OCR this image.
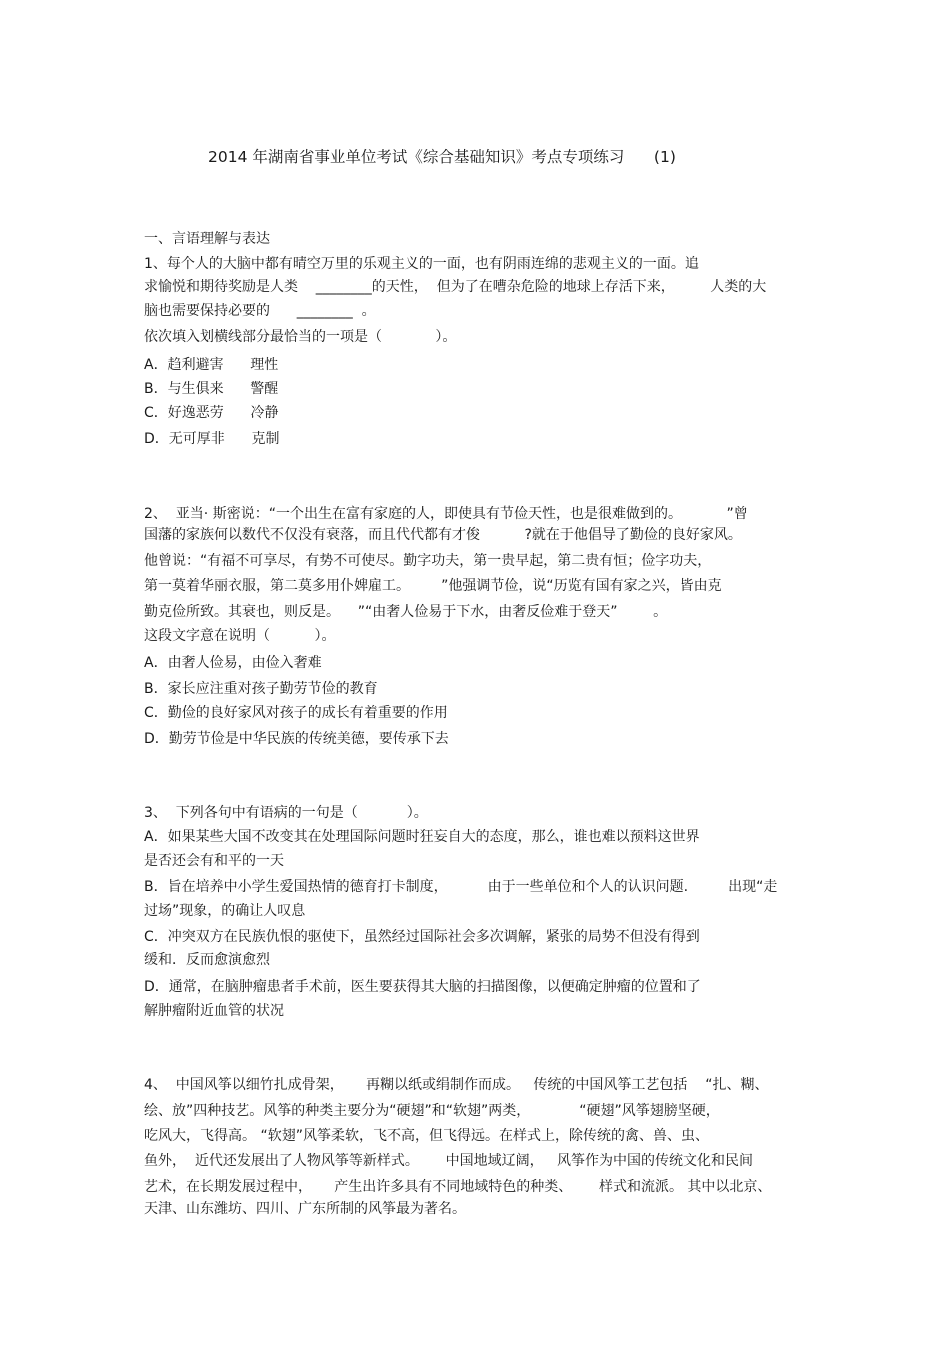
2014 年湖南省事业单位考试《综合基础知识》考点专项练习      (1)
一、言语理解与表达
1、每个人的大脑中都有晴空万里的乐观主义的一面，也有阴雨连绵的悲观主义的一面。追
求愉悦和期待奖励是人类    ________的天性，  但为了在嘈杂危险的地球上存活下来，        人类的大
脑也需要保持必要的      ________  。
依次填入划横线部分最恰当的一项是（            ）。
A．趋利避害      理性
B．与生俱来      警醒
C．好逸恶劳      冷静
D．无可厚非      克制
2、  亚当· 斯密说：“一个出生在富有家庭的人，即使具有节俭天性，也是很难做到的。          ”曾
国藩的家族何以数代不仅没有衰落，而且代代都有才俊          ?就在于他倡导了勤俭的良好家风。
他曾说：“有福不可享尽，有势不可使尽。勤字功夫，第一贵早起，第二贵有恒；俭字功夫，
第一莫着华丽衣服，第二莫多用仆婢雇工。       ”他强调节俭，说“历览有国有家之兴，皆由克
勤克俭所致。其衰也，则反是。    ”“由奢人俭易于下水，由奢反俭难于登天”        。
这段文字意在说明（          ）。
A．由奢人俭易，由俭入奢难
B．家长应注重对孩子勤劳节俭的教育
C．勤俭的良好家风对孩子的成长有着重要的作用
D．勤劳节俭是中华民族的传统美德，要传承下去
3、  下列各句中有语病的一句是（           ）。
A．如果某些大国不改变其在处理国际问题时狂妄自大的态度，那么，谁也难以预料这世界
是否还会有和平的一天
B．旨在培养中小学生爱国热情的德育打卡制度，         由于一些单位和个人的认识问题.         出现“走
过场”现象，的确让人叹息
C．冲突双方在民族仇恨的驱使下，虽然经过国际社会多次调解，紧张的局势不但没有得到
缓和．反而愈演愈烈
D．通常，在脑肿瘤患者手术前，医生要获得其大脑的扫描图像，以便确定肿瘤的位置和了
解肿瘤附近血管的状况
4、  中国风筝以细竹扎成骨架，     再糊以纸或绢制作而成。   传统的中国风筝工艺包括    “扎、糊、
绘、放”四种技艺。风筝的种类主要分为“硬翅”和“软翅”两类，           “硬翅”风筝翅膀坚硬，
吃风大，飞得高。 “软翅”风筝柔软，飞不高，但飞得远。在样式上，除传统的禽、兽、虫、
鱼外，  近代还发展出了人物风筝等新样式。      中国地域辽阔，   风筝作为中国的传统文化和民间
艺术，在长期发展过程中，     产生出许多具有不同地域特色的种类、      样式和流派。 其中以北京、
天津、山东潍坊、四川、广东所制的风筝最为著名。
